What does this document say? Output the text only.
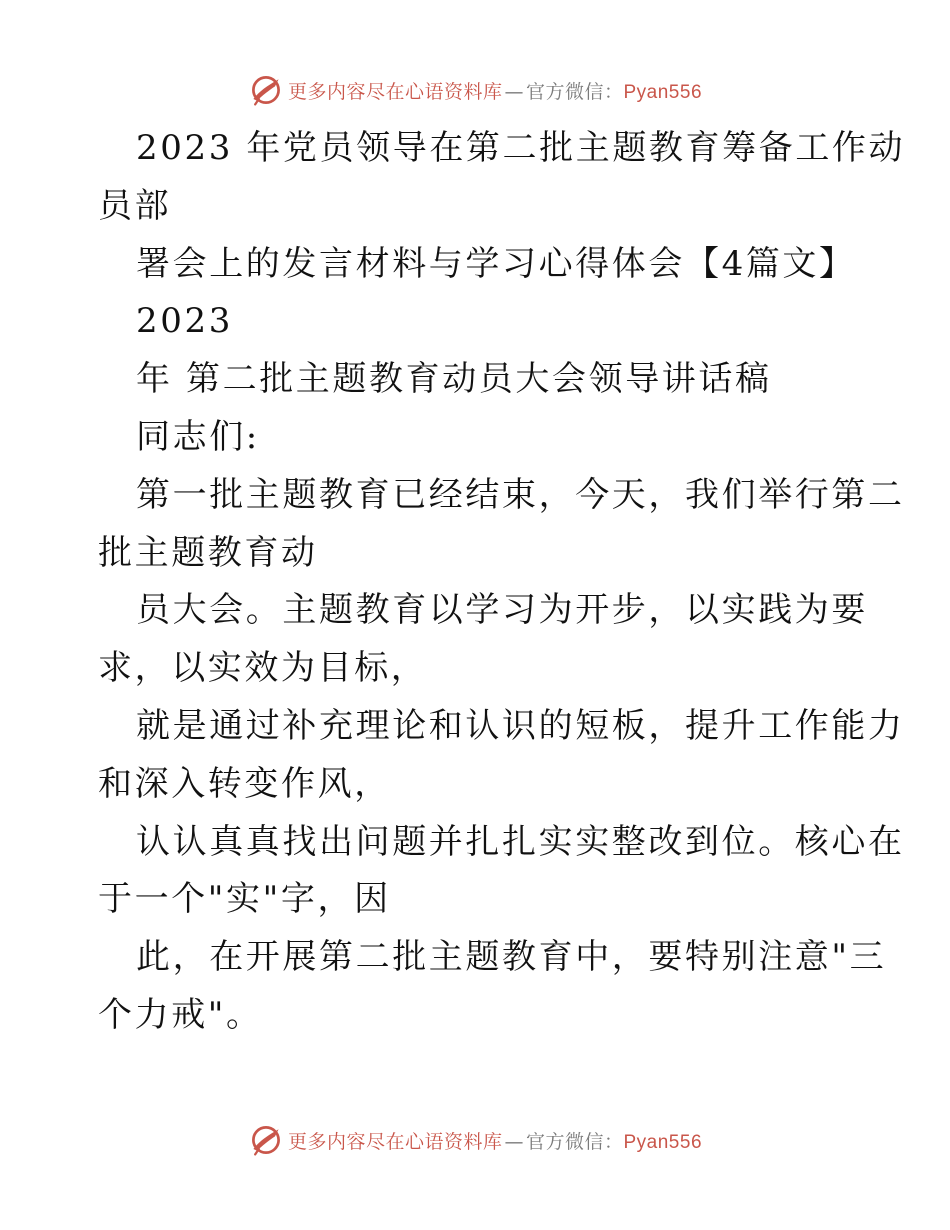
更多内容尽在心语资料库 — 官方微信：Pyan556
2023 年党员领导在第二批主题教育筹备工作动
员部
署会上的发言材料与学习心得体会【4篇文】
2023
年 第二批主题教育动员大会领导讲话稿
同志们:
第一批主题教育已经结束，今天，我们举行第二
批主题教育动
员大会。主题教育以学习为开步，以实践为要
求，以实效为目标，
就是通过补充理论和认识的短板，提升工作能力
和深入转变作风，
认认真真找出问题并扎扎实实整改到位。核心在
于一个"实"字，因
此，在开展第二批主题教育中，要特别注意"三
个力戒"。
更多内容尽在心语资料库 — 官方微信：Pyan556
